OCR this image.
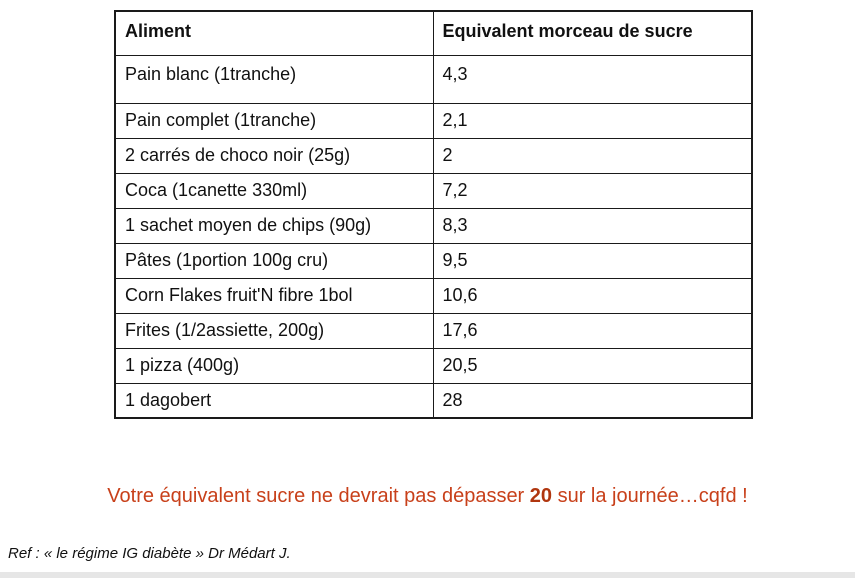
Aliment	Equivalent morceau de sucre
Pain blanc (1tranche)	4,3
Pain complet (1tranche)	2,1
2 carrés de choco noir (25g)	2
Coca (1canette 330ml)	7,2
1 sachet moyen de chips (90g)	8,3
Pâtes (1portion 100g cru)	9,5
Corn Flakes fruit'N fibre 1bol	10,6
Frites (1/2assiette, 200g)	17,6
1 pizza (400g)	20,5
1 dagobert	28
Votre équivalent sucre ne devrait pas dépasser 20 sur la journée…cqfd !
Ref : « le régime IG diabète » Dr Médart J.
